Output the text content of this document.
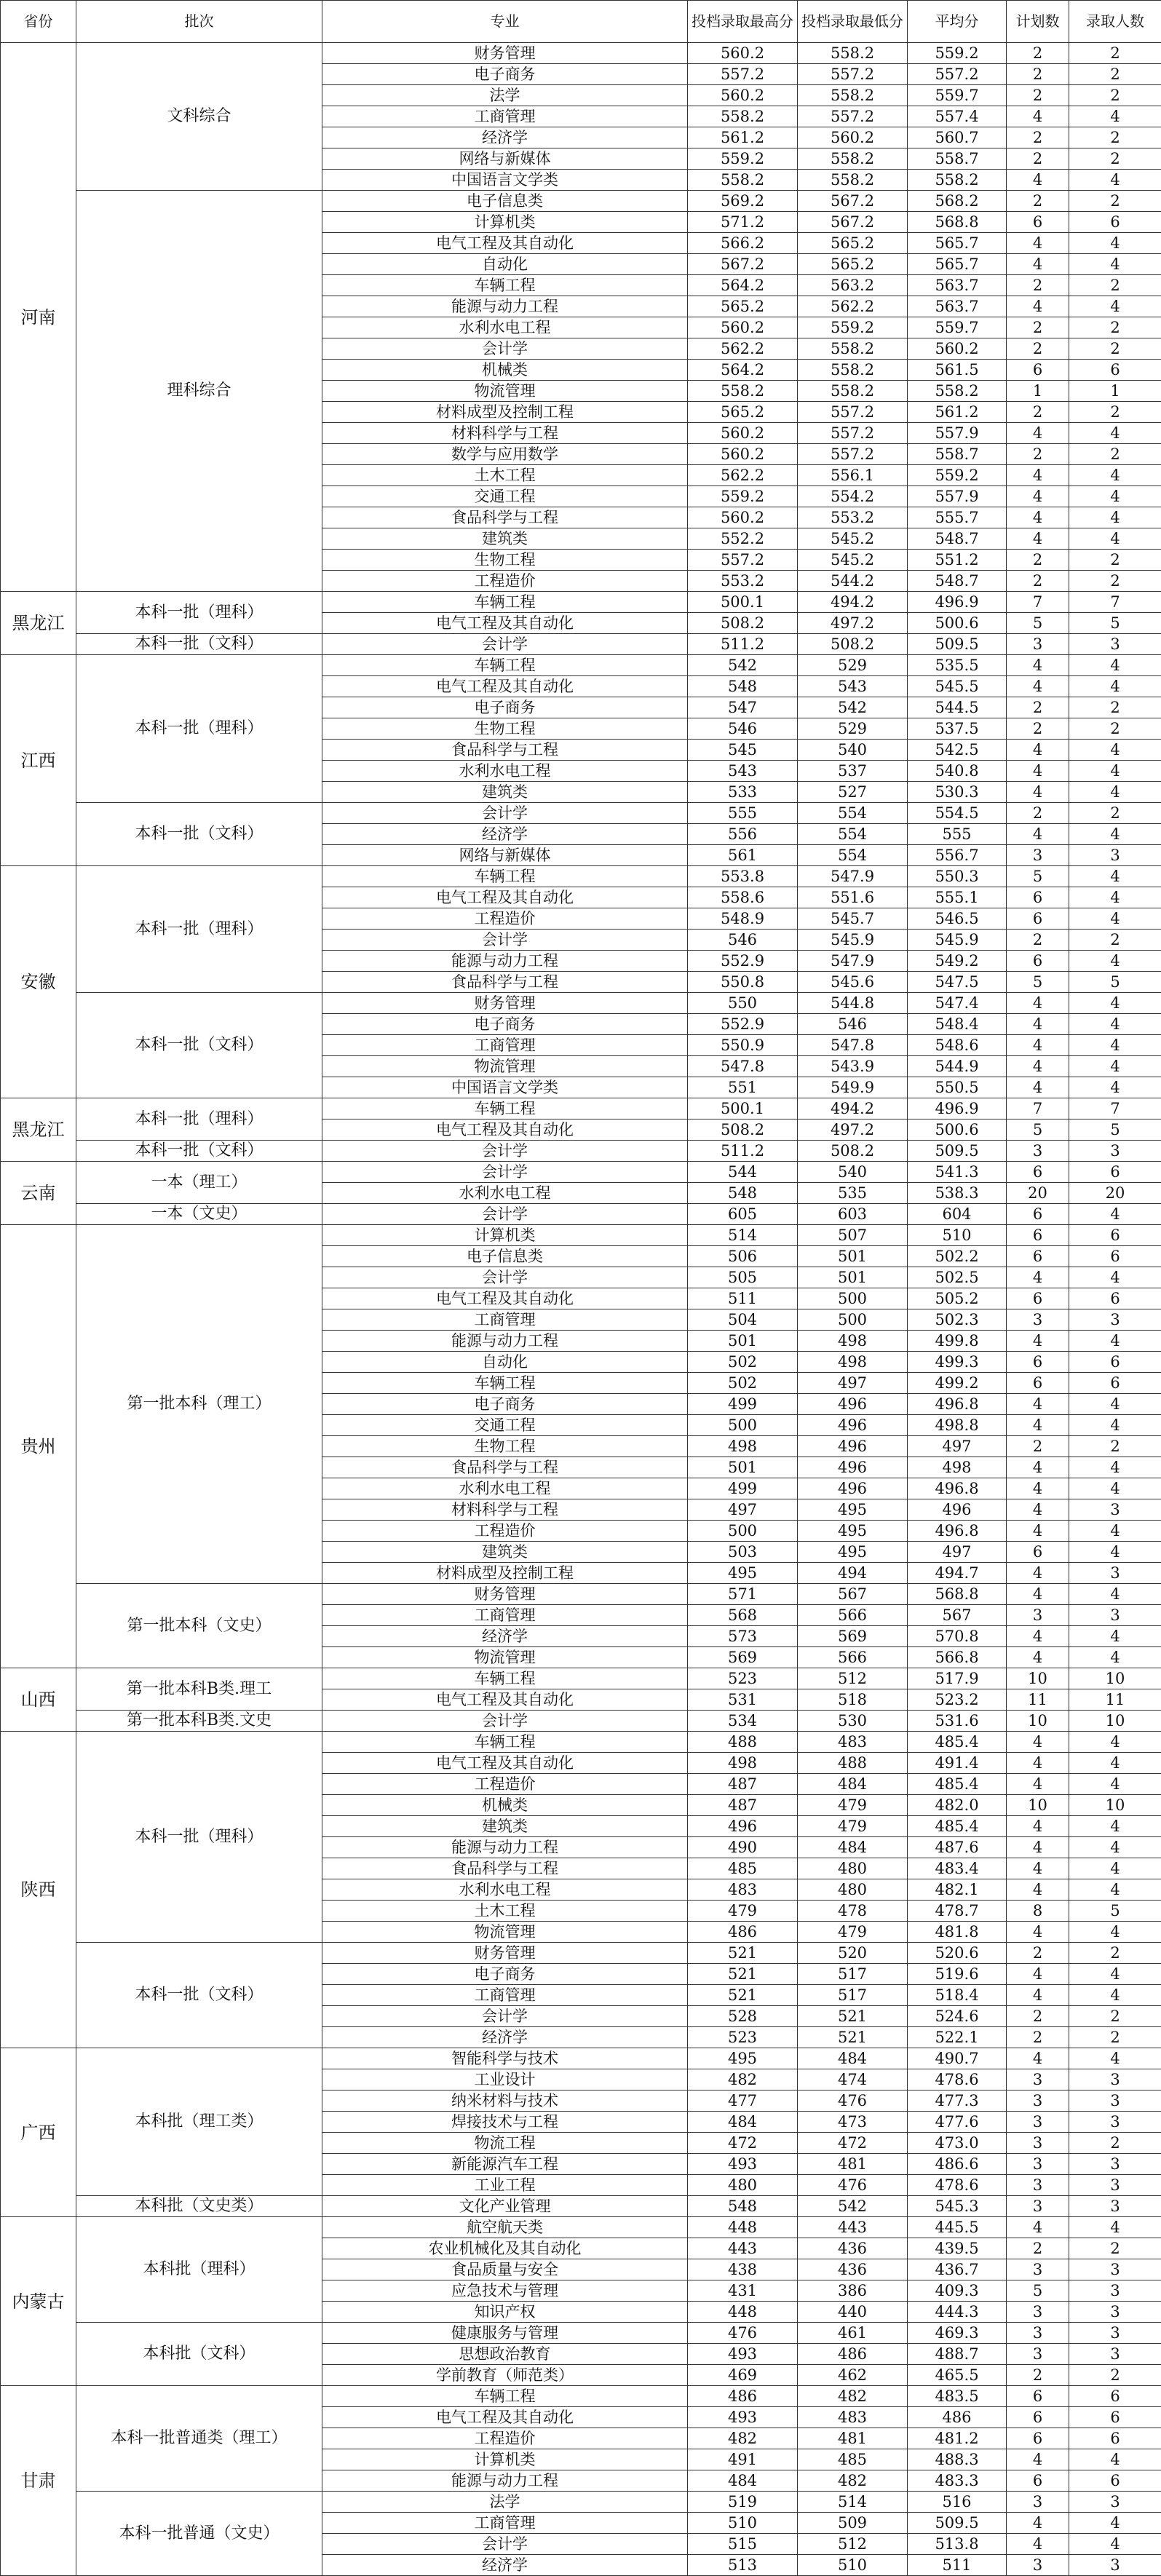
省份	批次	专业	投档录取最高分	投档录取最低分	平均分	计划数	录取人数
河南	文科综合	财务管理	560.2	558.2	559.2	2	2
		电子商务	557.2	557.2	557.2	2	2
		法学	560.2	558.2	559.7	2	2
		工商管理	558.2	557.2	557.4	4	4
		经济学	561.2	560.2	560.7	2	2
		网络与新媒体	559.2	558.2	558.7	2	2
		中国语言文学类	558.2	558.2	558.2	4	4
	理科综合	电子信息类	569.2	567.2	568.2	2	2
		计算机类	571.2	567.2	568.8	6	6
		电气工程及其自动化	566.2	565.2	565.7	4	4
		自动化	567.2	565.2	565.7	4	4
		车辆工程	564.2	563.2	563.7	2	2
		能源与动力工程	565.2	562.2	563.7	4	4
		水利水电工程	560.2	559.2	559.7	2	2
		会计学	562.2	558.2	560.2	2	2
		机械类	564.2	558.2	561.5	6	6
		物流管理	558.2	558.2	558.2	1	1
		材料成型及控制工程	565.2	557.2	561.2	2	2
		材料科学与工程	560.2	557.2	557.9	4	4
		数学与应用数学	560.2	557.2	558.7	2	2
		土木工程	562.2	556.1	559.2	4	4
		交通工程	559.2	554.2	557.9	4	4
		食品科学与工程	560.2	553.2	555.7	4	4
		建筑类	552.2	545.2	548.7	4	4
		生物工程	557.2	545.2	551.2	2	2
		工程造价	553.2	544.2	548.7	2	2
黑龙江	本科一批（理科）	车辆工程	500.1	494.2	496.9	7	7
		电气工程及其自动化	508.2	497.2	500.6	5	5
	本科一批（文科）	会计学	511.2	508.2	509.5	3	3
江西	本科一批（理科）	车辆工程	542	529	535.5	4	4
		电气工程及其自动化	548	543	545.5	4	4
		电子商务	547	542	544.5	2	2
		生物工程	546	529	537.5	2	2
		食品科学与工程	545	540	542.5	4	4
		水利水电工程	543	537	540.8	4	4
		建筑类	533	527	530.3	4	4
	本科一批（文科）	会计学	555	554	554.5	2	2
		经济学	556	554	555	4	4
		网络与新媒体	561	554	556.7	3	3
安徽	本科一批（理科）	车辆工程	553.8	547.9	550.3	5	4
		电气工程及其自动化	558.6	551.6	555.1	6	4
		工程造价	548.9	545.7	546.5	6	4
		会计学	546	545.9	545.9	2	2
		能源与动力工程	552.9	547.9	549.2	6	4
		食品科学与工程	550.8	545.6	547.5	5	5
	本科一批（文科）	财务管理	550	544.8	547.4	4	4
		电子商务	552.9	546	548.4	4	4
		工商管理	550.9	547.8	548.6	4	4
		物流管理	547.8	543.9	544.9	4	4
		中国语言文学类	551	549.9	550.5	4	4
黑龙江	本科一批（理科）	车辆工程	500.1	494.2	496.9	7	7
		电气工程及其自动化	508.2	497.2	500.6	5	5
	本科一批（文科）	会计学	511.2	508.2	509.5	3	3
云南	一本（理工）	会计学	544	540	541.3	6	6
		水利水电工程	548	535	538.3	20	20
	一本（文史）	会计学	605	603	604	6	4
贵州	第一批本科（理工）	计算机类	514	507	510	6	6
		电子信息类	506	501	502.2	6	6
		会计学	505	501	502.5	4	4
		电气工程及其自动化	511	500	505.2	6	6
		工商管理	504	500	502.3	3	3
		能源与动力工程	501	498	499.8	4	4
		自动化	502	498	499.3	6	6
		车辆工程	502	497	499.2	6	6
		电子商务	499	496	496.8	4	4
		交通工程	500	496	498.8	4	4
		生物工程	498	496	497	2	2
		食品科学与工程	501	496	498	4	4
		水利水电工程	499	496	496.8	4	4
		材料科学与工程	497	495	496	4	3
		工程造价	500	495	496.8	4	4
		建筑类	503	495	497	6	4
		材料成型及控制工程	495	494	494.7	4	3
	第一批本科（文史）	财务管理	571	567	568.8	4	4
		工商管理	568	566	567	3	3
		经济学	573	569	570.8	4	4
		物流管理	569	566	566.8	4	4
山西	第一批本科B类.理工	车辆工程	523	512	517.9	10	10
		电气工程及其自动化	531	518	523.2	11	11
	第一批本科B类.文史	会计学	534	530	531.6	10	10
陕西	本科一批（理科）	车辆工程	488	483	485.4	4	4
		电气工程及其自动化	498	488	491.4	4	4
		工程造价	487	484	485.4	4	4
		机械类	487	479	482.0	10	10
		建筑类	496	479	485.4	4	4
		能源与动力工程	490	484	487.6	4	4
		食品科学与工程	485	480	483.4	4	4
		水利水电工程	483	480	482.1	4	4
		土木工程	479	478	478.7	8	5
		物流管理	486	479	481.8	4	4
	本科一批（文科）	财务管理	521	520	520.6	2	2
		电子商务	521	517	519.6	4	4
		工商管理	521	517	518.4	4	4
		会计学	528	521	524.6	2	2
		经济学	523	521	522.1	2	2
广西	本科批（理工类）	智能科学与技术	495	484	490.7	4	4
		工业设计	482	474	478.6	3	3
		纳米材料与技术	477	476	477.3	3	3
		焊接技术与工程	484	473	477.6	3	3
		物流工程	472	472	473.0	3	2
		新能源汽车工程	493	481	486.6	3	3
		工业工程	480	476	478.6	3	3
	本科批（文史类）	文化产业管理	548	542	545.3	3	3
内蒙古	本科批（理科）	航空航天类	448	443	445.5	4	4
		农业机械化及其自动化	443	436	439.5	2	2
		食品质量与安全	438	436	436.7	3	3
		应急技术与管理	431	386	409.3	5	3
		知识产权	448	440	444.3	3	3
	本科批（文科）	健康服务与管理	476	461	469.3	3	3
		思想政治教育	493	486	488.7	3	3
		学前教育（师范类）	469	462	465.5	2	2
甘肃	本科一批普通类（理工）	车辆工程	486	482	483.5	6	6
		电气工程及其自动化	493	483	486	6	6
		工程造价	482	481	481.2	6	6
		计算机类	491	485	488.3	4	4
		能源与动力工程	484	482	483.3	6	6
	本科一批普通（文史）	法学	519	514	516	3	3
		工商管理	510	509	509.5	4	4
		会计学	515	512	513.8	4	4
		经济学	513	510	511	3	3
